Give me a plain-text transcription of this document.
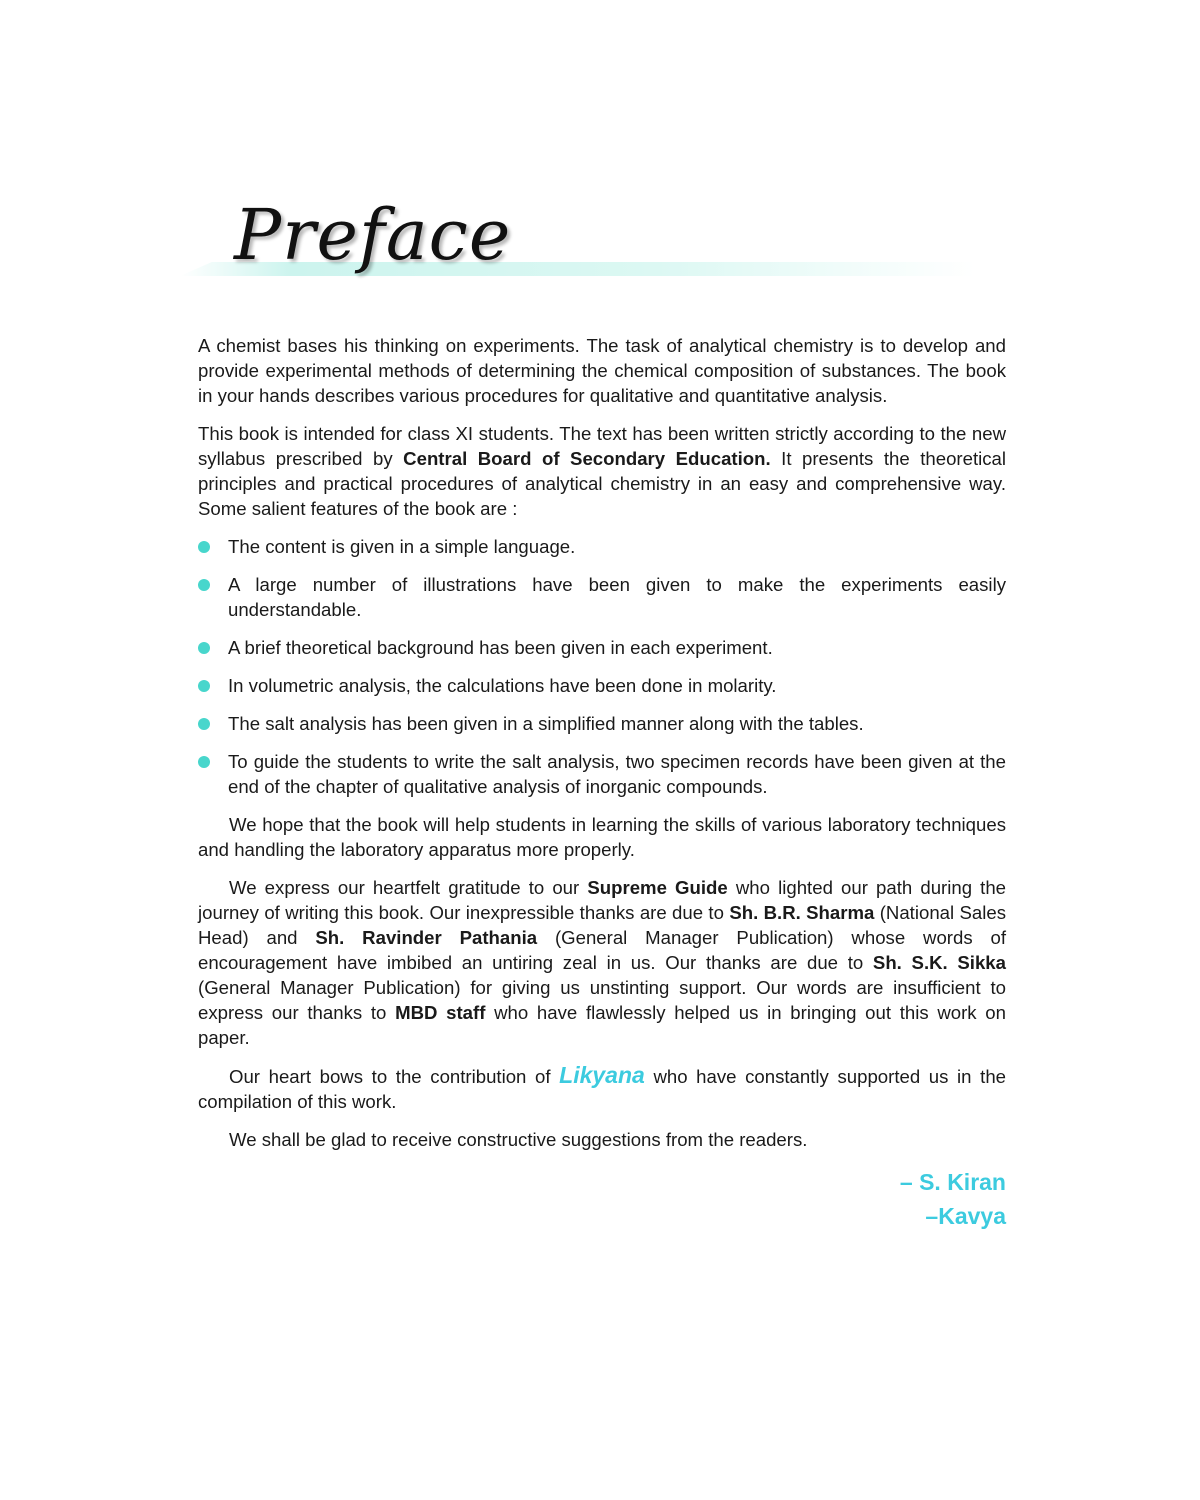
Preface

A chemist bases his thinking on experiments. The task of analytical chemistry is to develop and provide experimental methods of determining the chemical composition of substances. The book in your hands describes various procedures for qualitative and quantitative analysis.

This book is intended for class XI students. The text has been written strictly according to the new syllabus prescribed by Central Board of Secondary Education. It presents the theoretical principles and practical procedures of analytical chemistry in an easy and comprehensive way. Some salient features of the book are :

The content is given in a simple language.
A large number of illustrations have been given to make the experiments easily understandable.
A brief theoretical background has been given in each experiment.
In volumetric analysis, the calculations have been done in molarity.
The salt analysis has been given in a simplified manner along with the tables.
To guide the students to write the salt analysis, two specimen records have been given at the end of the chapter of qualitative analysis of inorganic compounds.

We hope that the book will help students in learning the skills of various laboratory techniques and handling the laboratory apparatus more properly.

We express our heartfelt gratitude to our Supreme Guide who lighted our path during the journey of writing this book. Our inexpressible thanks are due to Sh. B.R. Sharma (National Sales Head) and Sh. Ravinder Pathania (General Manager Publication) whose words of encouragement have imbibed an untiring zeal in us. Our thanks are due to Sh. S.K. Sikka (General Manager Publication) for giving us unstinting support. Our words are insufficient to express our thanks to MBD staff who have flawlessly helped us in bringing out this work on paper.

Our heart bows to the contribution of Likyana who have constantly supported us in the compilation of this work.

We shall be glad to receive constructive suggestions from the readers.

– S. Kiran

–Kavya
